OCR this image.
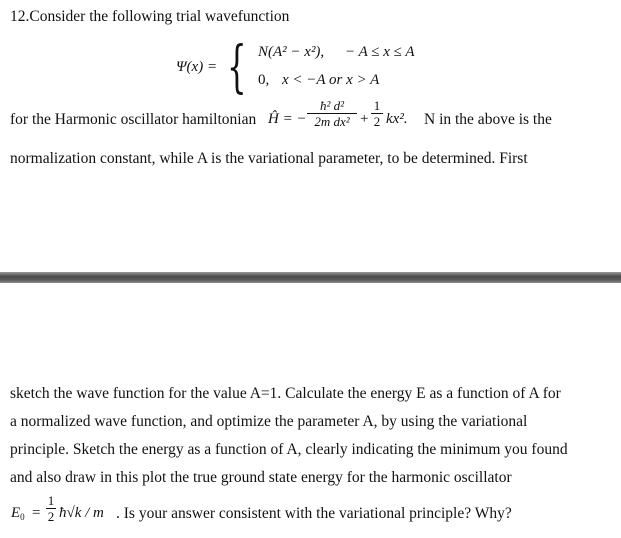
12.Consider the following trial wavefunction
Ψ(x) = { N(A² − x²), − A ≤ x ≤ A
0, x < −A or x > A
for the Harmonic oscillator hamiltonian Ĥ = −
ħ² d²
2m dx² +
1
2 kx². N in the above is the
normalization constant, while A is the variational parameter, to be determined. First
sketch the wave function for the value A=1. Calculate the energy E as a function of A for
a normalized wave function, and optimize the parameter A, by using the variational
principle. Sketch the energy as a function of A, clearly indicating the minimum you found
and also draw in this plot the true ground state energy for the harmonic oscillator
$E_0$ =
1
2 ħ√k / m . Is your answer consistent with the variational principle? Why?
